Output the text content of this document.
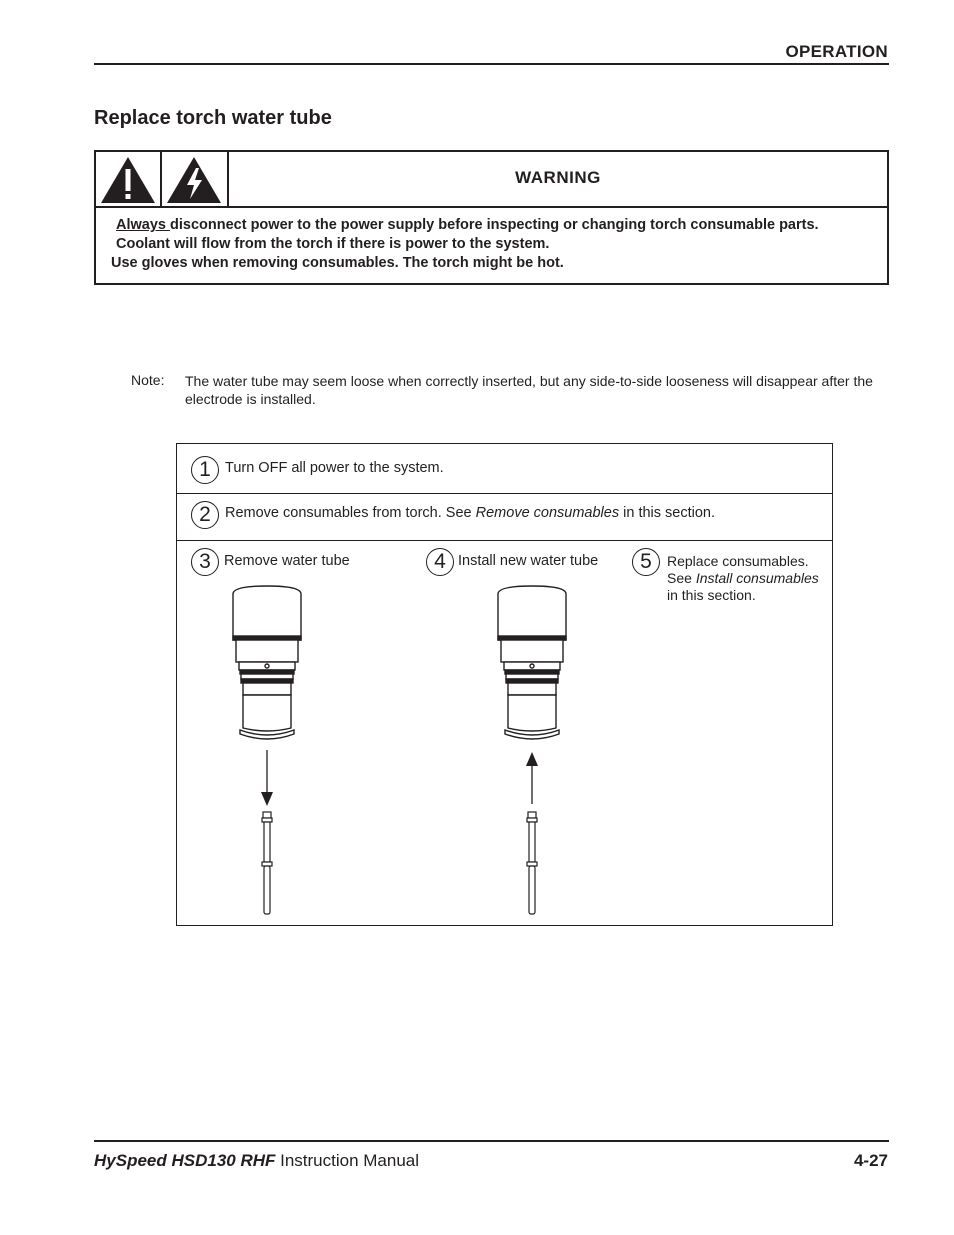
OPERATION
Replace torch water tube
WARNING
Always disconnect power to the power supply before inspecting or changing torch consumable parts.
Coolant will flow from the torch if there is power to the system.
Use gloves when removing consumables. The torch might be hot.
Note: The water tube may seem loose when correctly inserted, but any side-to-side looseness will disappear after the electrode is installed.
1 Turn OFF all power to the system.
2 Remove consumables from torch. See Remove consumables in this section.
3 Remove water tube	4 Install new water tube	5	Replace consumables.
See Install consumables
in this section.
HySpeed HSD130 RHF Instruction Manual	4-27
